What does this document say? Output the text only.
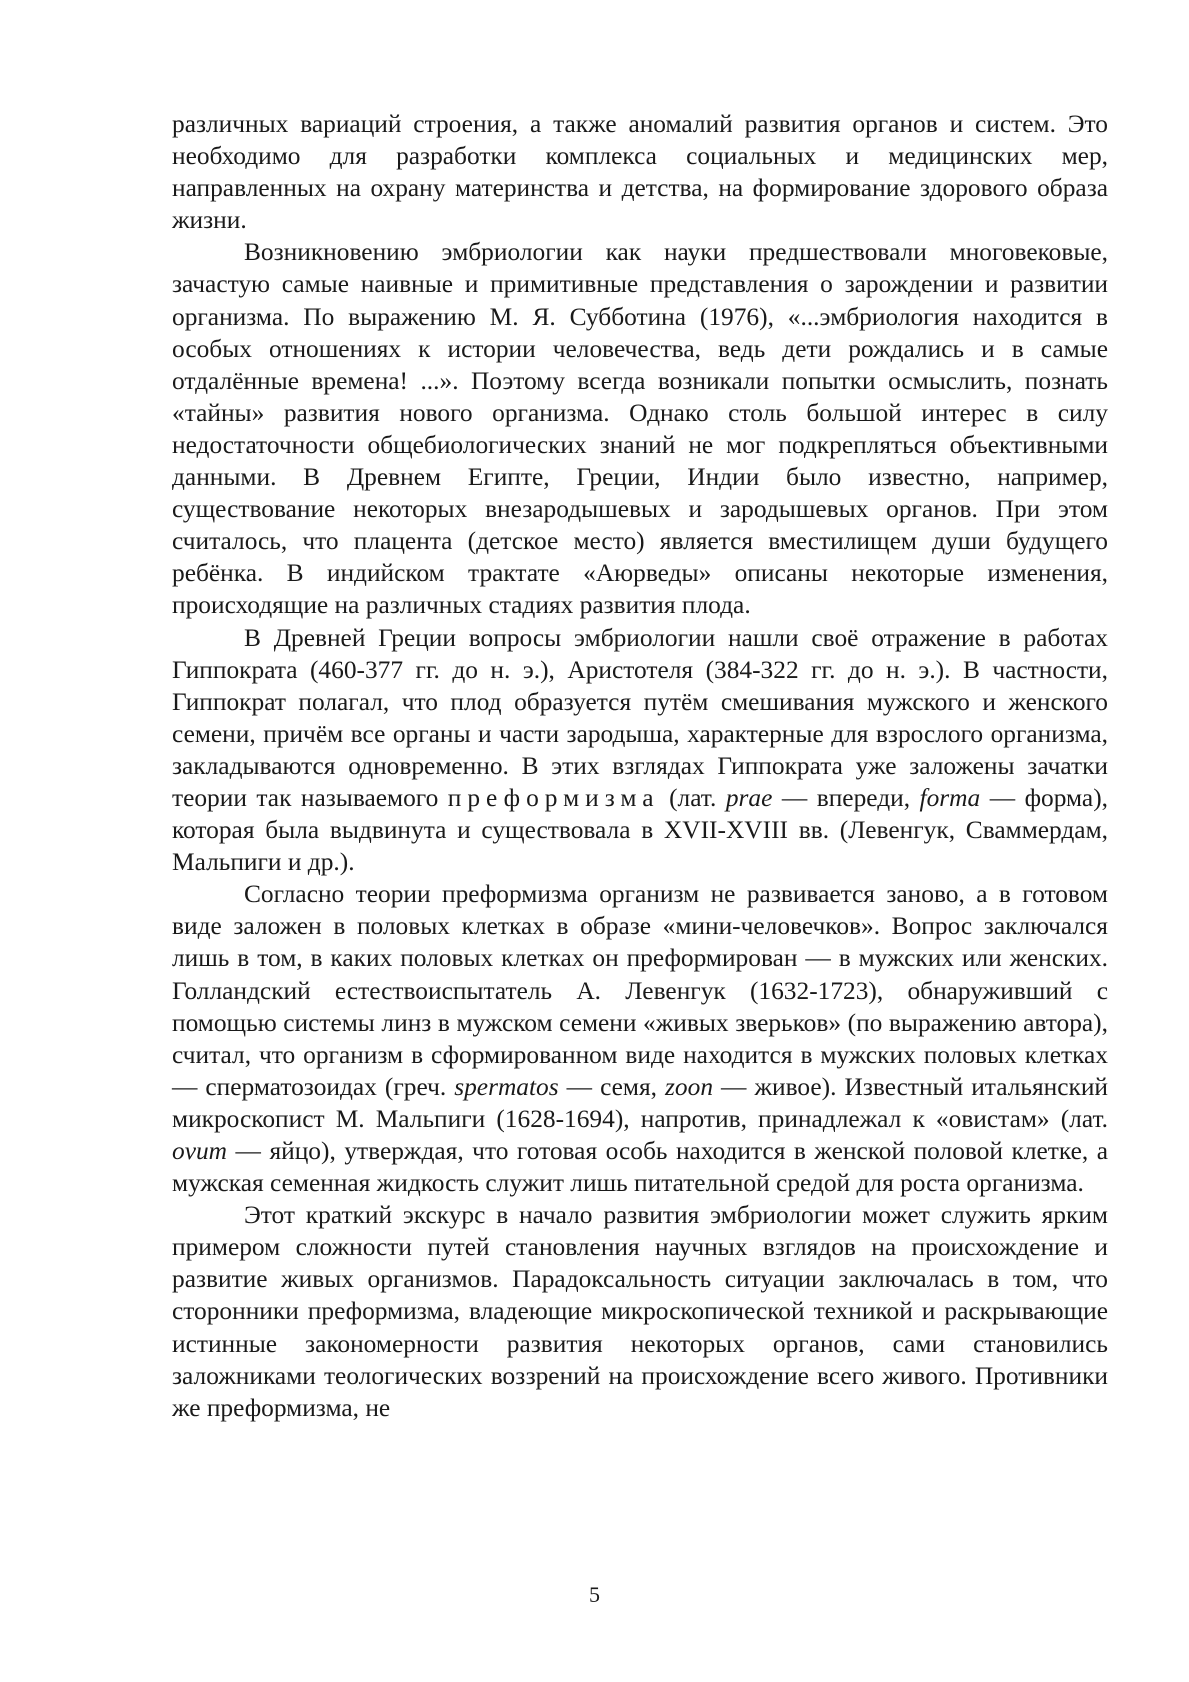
различных вариаций строения, а также аномалий развития органов и систем. Это необходимо для разработки комплекса социальных и медицинских мер, направленных на охрану материнства и детства, на формирование здорового образа жизни.

Возникновению эмбриологии как науки предшествовали многовековые, зачастую самые наивные и примитивные представления о зарождении и развитии организма. По выражению М. Я. Субботина (1976), «...эмбриология находится в особых отношениях к истории человечества, ведь дети рождались и в самые отдалённые времена! ...». Поэтому всегда возникали попытки осмыслить, познать «тайны» развития нового организма. Однако столь большой интерес в силу недостаточности общебиологических знаний не мог подкрепляться объективными данными. В Древнем Египте, Греции, Индии было известно, например, существование некоторых внезародышевых и зародышевых органов. При этом считалось, что плацента (детское место) является вместилищем души будущего ребёнка. В индийском трактате «Аюрведы» описаны некоторые изменения, происходящие на различных стадиях развития плода.

В Древней Греции вопросы эмбриологии нашли своё отражение в работах Гиппократа (460-377 гг. до н. э.), Аристотеля (384-322 гг. до н. э.). В частности, Гиппократ полагал, что плод образуется путём смешивания мужского и женского семени, причём все органы и части зародыша, характерные для взрослого организма, закладываются одновременно. В этих взглядах Гиппократа уже заложены зачатки теории так называемого преформизма (лат. prae — впереди, forma — форма), которая была выдвинута и существовала в XVII-XVIII вв. (Левенгук, Сваммердам, Мальпиги и др.).

Согласно теории преформизма организм не развивается заново, а в готовом виде заложен в половых клетках в образе «мини-человечков». Вопрос заключался лишь в том, в каких половых клетках он преформирован — в мужских или женских. Голландский естествоиспытатель А. Левенгук (1632-1723), обнаруживший с помощью системы линз в мужском семени «живых зверьков» (по выражению автора), считал, что организм в сформированном виде находится в мужских половых клетках — сперматозоидах (греч. spermatos — семя, zoon — живое). Известный итальянский микроскопист М. Мальпиги (1628-1694), напротив, принадлежал к «овистам» (лат. ovum — яйцо), утверждая, что готовая особь находится в женской половой клетке, а мужская семенная жидкость служит лишь питательной средой для роста организма.

Этот краткий экскурс в начало развития эмбриологии может служить ярким примером сложности путей становления научных взглядов на происхождение и развитие живых организмов. Парадоксальность ситуации заключалась в том, что сторонники преформизма, владеющие микроскопической техникой и раскрывающие истинные закономерности развития некоторых органов, сами становились заложниками теологических воззрений на происхождение всего живого. Противники же преформизма, не

5
